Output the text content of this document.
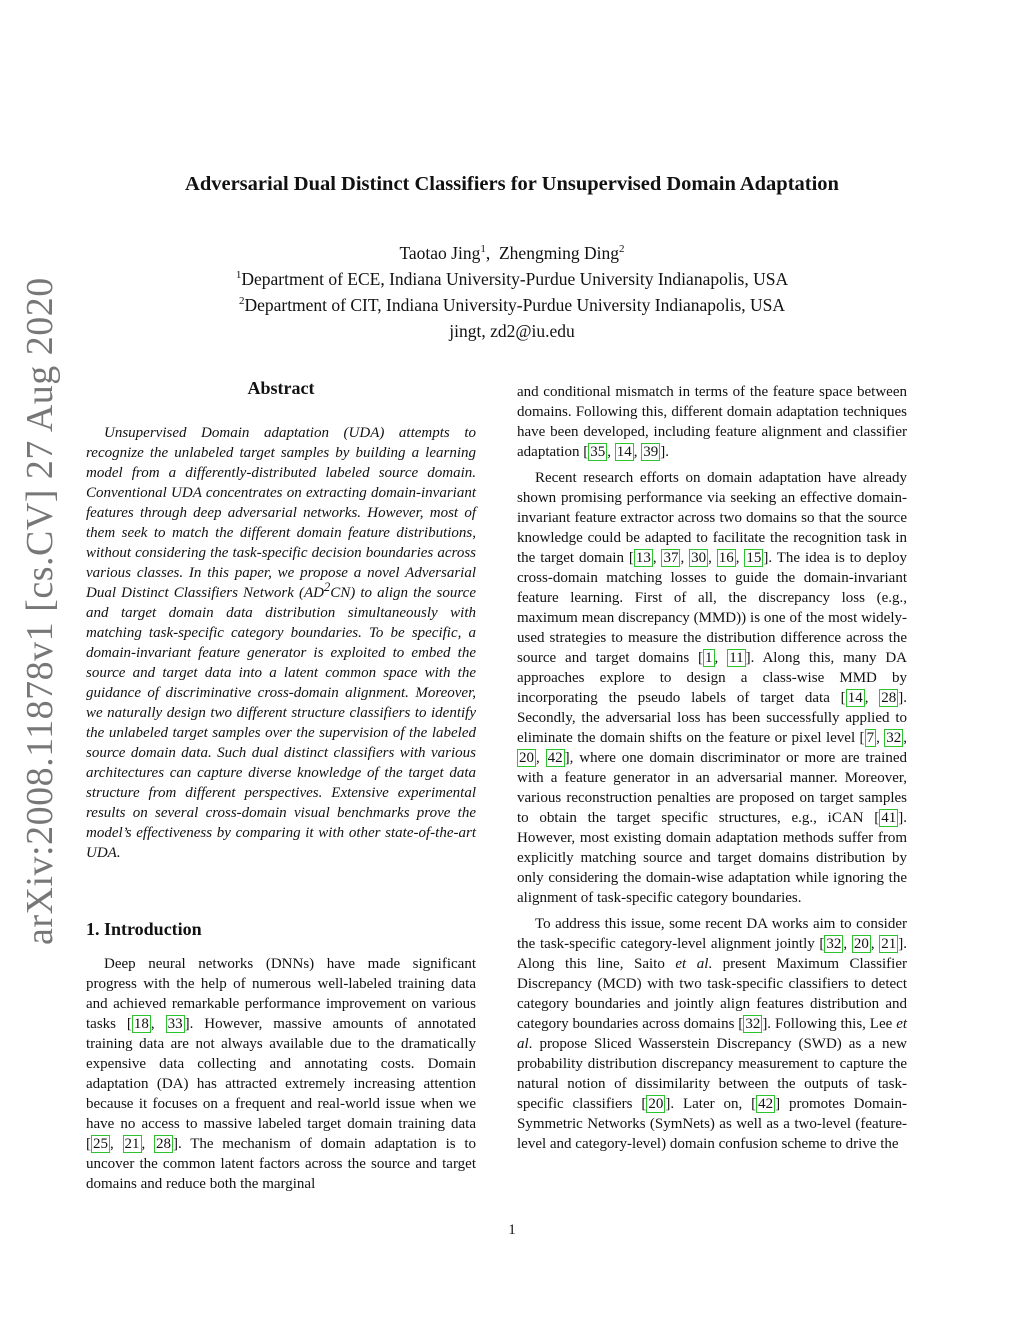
arXiv:2008.11878v1 [cs.CV] 27 Aug 2020
Adversarial Dual Distinct Classifiers for Unsupervised Domain Adaptation
Taotao Jing$^1$,  Zhengming Ding$^2$
$^1$Department of ECE, Indiana University-Purdue University Indianapolis, USA
$^2$Department of CIT, Indiana University-Purdue University Indianapolis, USA
jingt, zd2@iu.edu
Abstract

Unsupervised Domain adaptation (UDA) attempts to recognize the unlabeled target samples by building a learning model from a differently-distributed labeled source domain. Conventional UDA concentrates on extracting domain-invariant features through deep adversarial networks. However, most of them seek to match the different domain feature distributions, without considering the task-specific decision boundaries across various classes. In this paper, we propose a novel Adversarial Dual Distinct Classifiers Network $(AD^2CN)$ to align the source and target domain data distribution simultaneously with matching task-specific category boundaries. To be specific, a domain-invariant feature generator is exploited to embed the source and target data into a latent common space with the guidance of discriminative cross-domain alignment. Moreover, we naturally design two different structure classifiers to identify the unlabeled target samples over the supervision of the labeled source domain data. Such dual distinct classifiers with various architectures can capture diverse knowledge of the target data structure from different perspectives. Extensive experimental results on several cross-domain visual benchmarks prove the model’s effectiveness by comparing it with other state-of-the-art UDA.

1. Introduction

Deep neural networks (DNNs) have made significant progress with the help of numerous well-labeled training data and achieved remarkable performance improvement on various tasks [ 18 , 33 ]. However, massive amounts of annotated training data are not always available due to the dramatically expensive data collecting and annotating costs. Domain adaptation (DA) has attracted extremely increasing attention because it focuses on a frequent and real-world issue when we have no access to massive labeled target domain training data [ 25 , 21 , 28 ]. The mechanism of domain adaptation is to uncover the common latent factors across the source and target domains and reduce both the marginal

and conditional mismatch in terms of the feature space between domains. Following this, different domain adaptation techniques have been developed, including feature alignment and classifier adaptation [ 35 , 14 , 39 ].

Recent research efforts on domain adaptation have already shown promising performance via seeking an effective domain-invariant feature extractor across two domains so that the source knowledge could be adapted to facilitate the recognition task in the target domain [ 13 , 37 , 30 , 16 , 15 ]. The idea is to deploy cross-domain matching losses to guide the domain-invariant feature learning. First of all, the discrepancy loss (e.g., maximum mean discrepancy (MMD)) is one of the most widely-used strategies to measure the distribution difference across the source and target domains [ 1 , 11 ]. Along this, many DA approaches explore to design a class-wise MMD by incorporating the pseudo labels of target data [ 14 , 28 ]. Secondly, the adversarial loss has been successfully applied to eliminate the domain shifts on the feature or pixel level [ 7 , 32 , 20 , 42 ], where one domain discriminator or more are trained with a feature generator in an adversarial manner. Moreover, various reconstruction penalties are proposed on target samples to obtain the target specific structures, e.g., iCAN [ 41 ]. However, most existing domain adaptation methods suffer from explicitly matching source and target domains distribution by only considering the domain-wise adaptation while ignoring the alignment of task-specific category boundaries.

To address this issue, some recent DA works aim to consider the task-specific category-level alignment jointly [ 32 , 20 , 21 ]. Along this line, Saito et al. present Maximum Classifier Discrepancy (MCD) with two task-specific classifiers to detect category boundaries and jointly align features distribution and category boundaries across domains [ 32 ]. Following this, Lee et al. propose Sliced Wasserstein Discrepancy (SWD) as a new probability distribution discrepancy measurement to capture the natural notion of dissimilarity between the outputs of task-specific classifiers [ 20 ]. Later on, [ 42 ] promotes Domain-Symmetric Networks (SymNets) as well as a two-level (feature-level and category-level) domain confusion scheme to drive the

1
